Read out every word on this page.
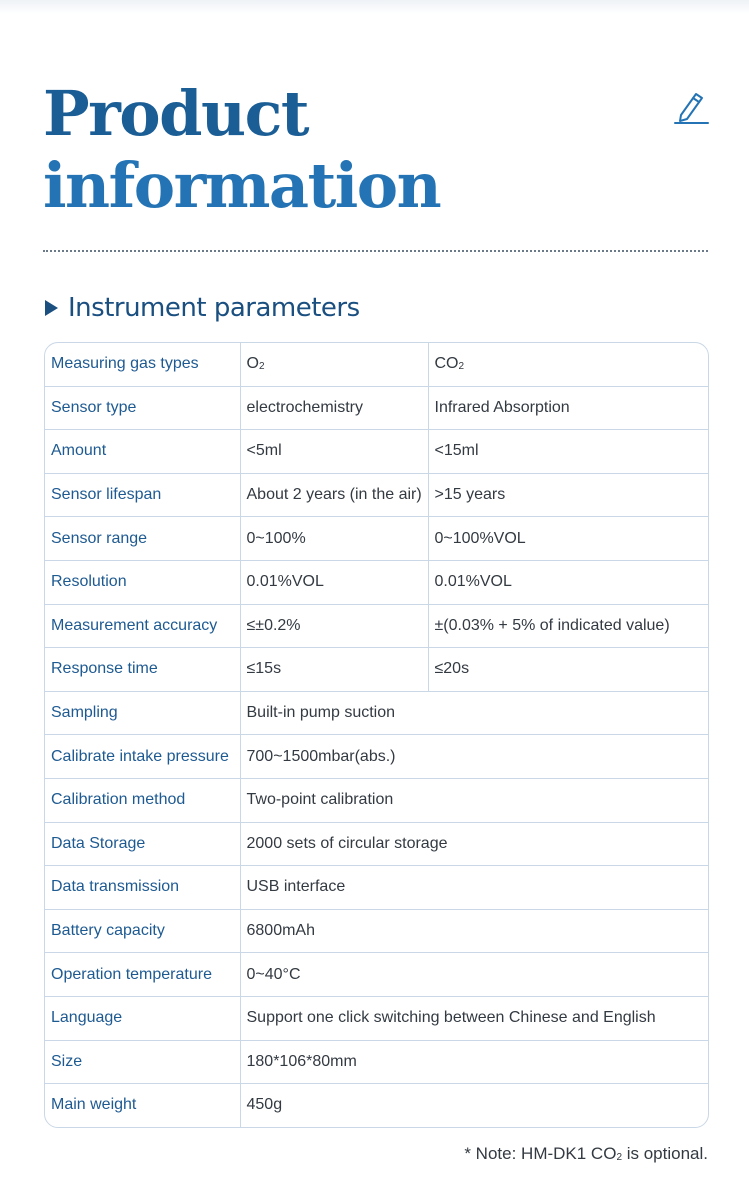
Product
information
Instrument parameters
Measuring gas types	$O_2$	$CO_2$
Sensor type	electrochemistry	Infrared Absorption
Amount	<5ml	<15ml
Sensor lifespan	About 2 years (in the air)	>15 years
Sensor range	0~100%	0~100%VOL
Resolution	0.01%VOL	0.01%VOL
Measurement accuracy	≤±0.2%	±(0.03% + 5% of indicated value)
Response time	≤15s	≤20s
Sampling	Built-in pump suction	
Calibrate intake pressure	700~1500mbar(abs.)	
Calibration method	Two-point calibration	
Data Storage	2000 sets of circular storage	
Data transmission	USB interface	
Battery capacity	6800mAh	
Operation temperature	0~40°C	
Language	Support one click switching between Chinese and English	
Size	180*106*80mm	
Main weight	450g	
* Note: HM-DK1 $CO_2$ is optional.
